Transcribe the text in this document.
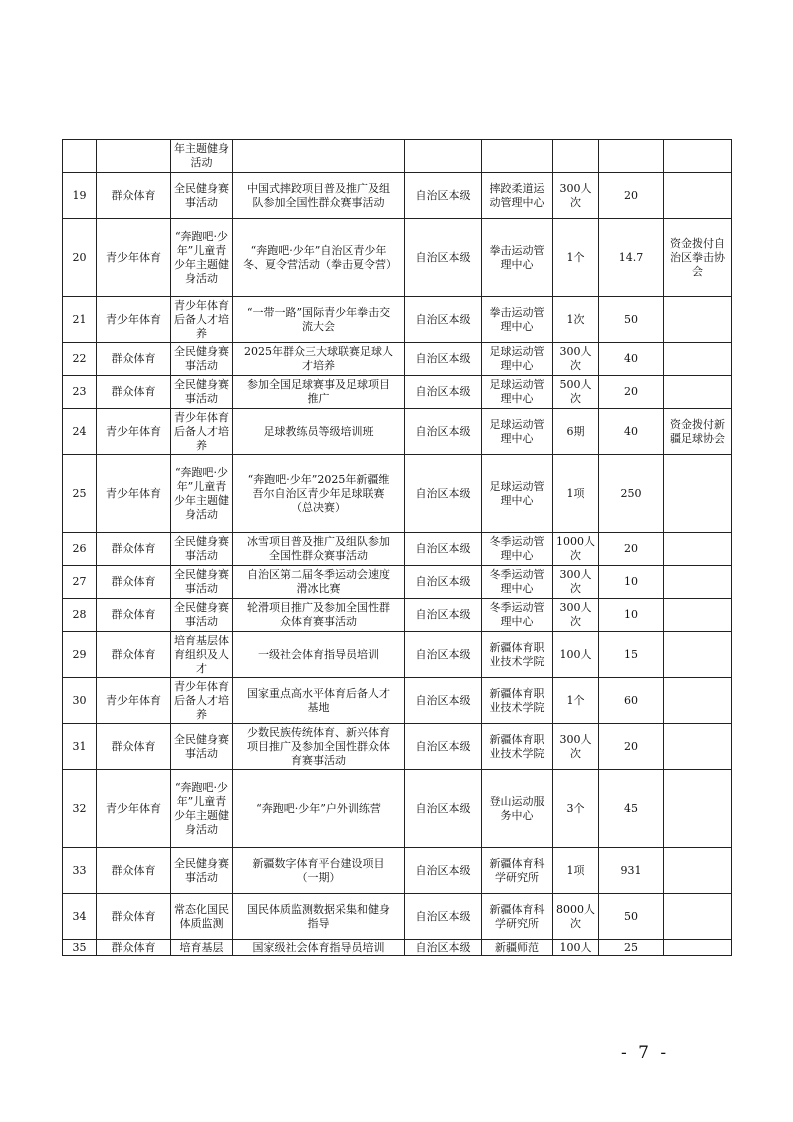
		年主题健身活动						
19	群众体育	全民健身赛事活动	中国式摔跤项目普及推广及组队参加全国性群众赛事活动	自治区本级	摔跤柔道运动管理中心	300人次	20	
20	青少年体育	“奔跑吧·少年”儿童青少年主题健身活动	“奔跑吧·少年”自治区青少年冬、夏令营活动（拳击夏令营）	自治区本级	拳击运动管理中心	1个	14.7	资金拨付自治区拳击协会
21	青少年体育	青少年体育后备人才培养	“一带一路”国际青少年拳击交流大会	自治区本级	拳击运动管理中心	1次	50	
22	群众体育	全民健身赛事活动	2025年群众三大球联赛足球人才培养	自治区本级	足球运动管理中心	300人次	40	
23	群众体育	全民健身赛事活动	参加全国足球赛事及足球项目推广	自治区本级	足球运动管理中心	500人次	20	
24	青少年体育	青少年体育后备人才培养	足球教练员等级培训班	自治区本级	足球运动管理中心	6期	40	资金拨付新疆足球协会
25	青少年体育	“奔跑吧·少年”儿童青少年主题健身活动	“奔跑吧·少年”2025年新疆维吾尔自治区青少年足球联赛（总决赛）	自治区本级	足球运动管理中心	1项	250	
26	群众体育	全民健身赛事活动	冰雪项目普及推广及组队参加全国性群众赛事活动	自治区本级	冬季运动管理中心	1000人次	20	
27	群众体育	全民健身赛事活动	自治区第二届冬季运动会速度滑冰比赛	自治区本级	冬季运动管理中心	300人次	10	
28	群众体育	全民健身赛事活动	轮滑项目推广及参加全国性群众体育赛事活动	自治区本级	冬季运动管理中心	300人次	10	
29	群众体育	培育基层体育组织及人才	一级社会体育指导员培训	自治区本级	新疆体育职业技术学院	100人	15	
30	青少年体育	青少年体育后备人才培养	国家重点高水平体育后备人才基地	自治区本级	新疆体育职业技术学院	1个	60	
31	群众体育	全民健身赛事活动	少数民族传统体育、新兴体育项目推广及参加全国性群众体育赛事活动	自治区本级	新疆体育职业技术学院	300人次	20	
32	青少年体育	“奔跑吧·少年”儿童青少年主题健身活动	“奔跑吧·少年”户外训练营	自治区本级	登山运动服务中心	3个	45	
33	群众体育	全民健身赛事活动	新疆数字体育平台建设项目（一期）	自治区本级	新疆体育科学研究所	1项	931	
34	群众体育	常态化国民体质监测	国民体质监测数据采集和健身指导	自治区本级	新疆体育科学研究所	8000人次	50	
35	群众体育	培育基层	国家级社会体育指导员培训	自治区本级	新疆师范	100人	25	
- 7 -
